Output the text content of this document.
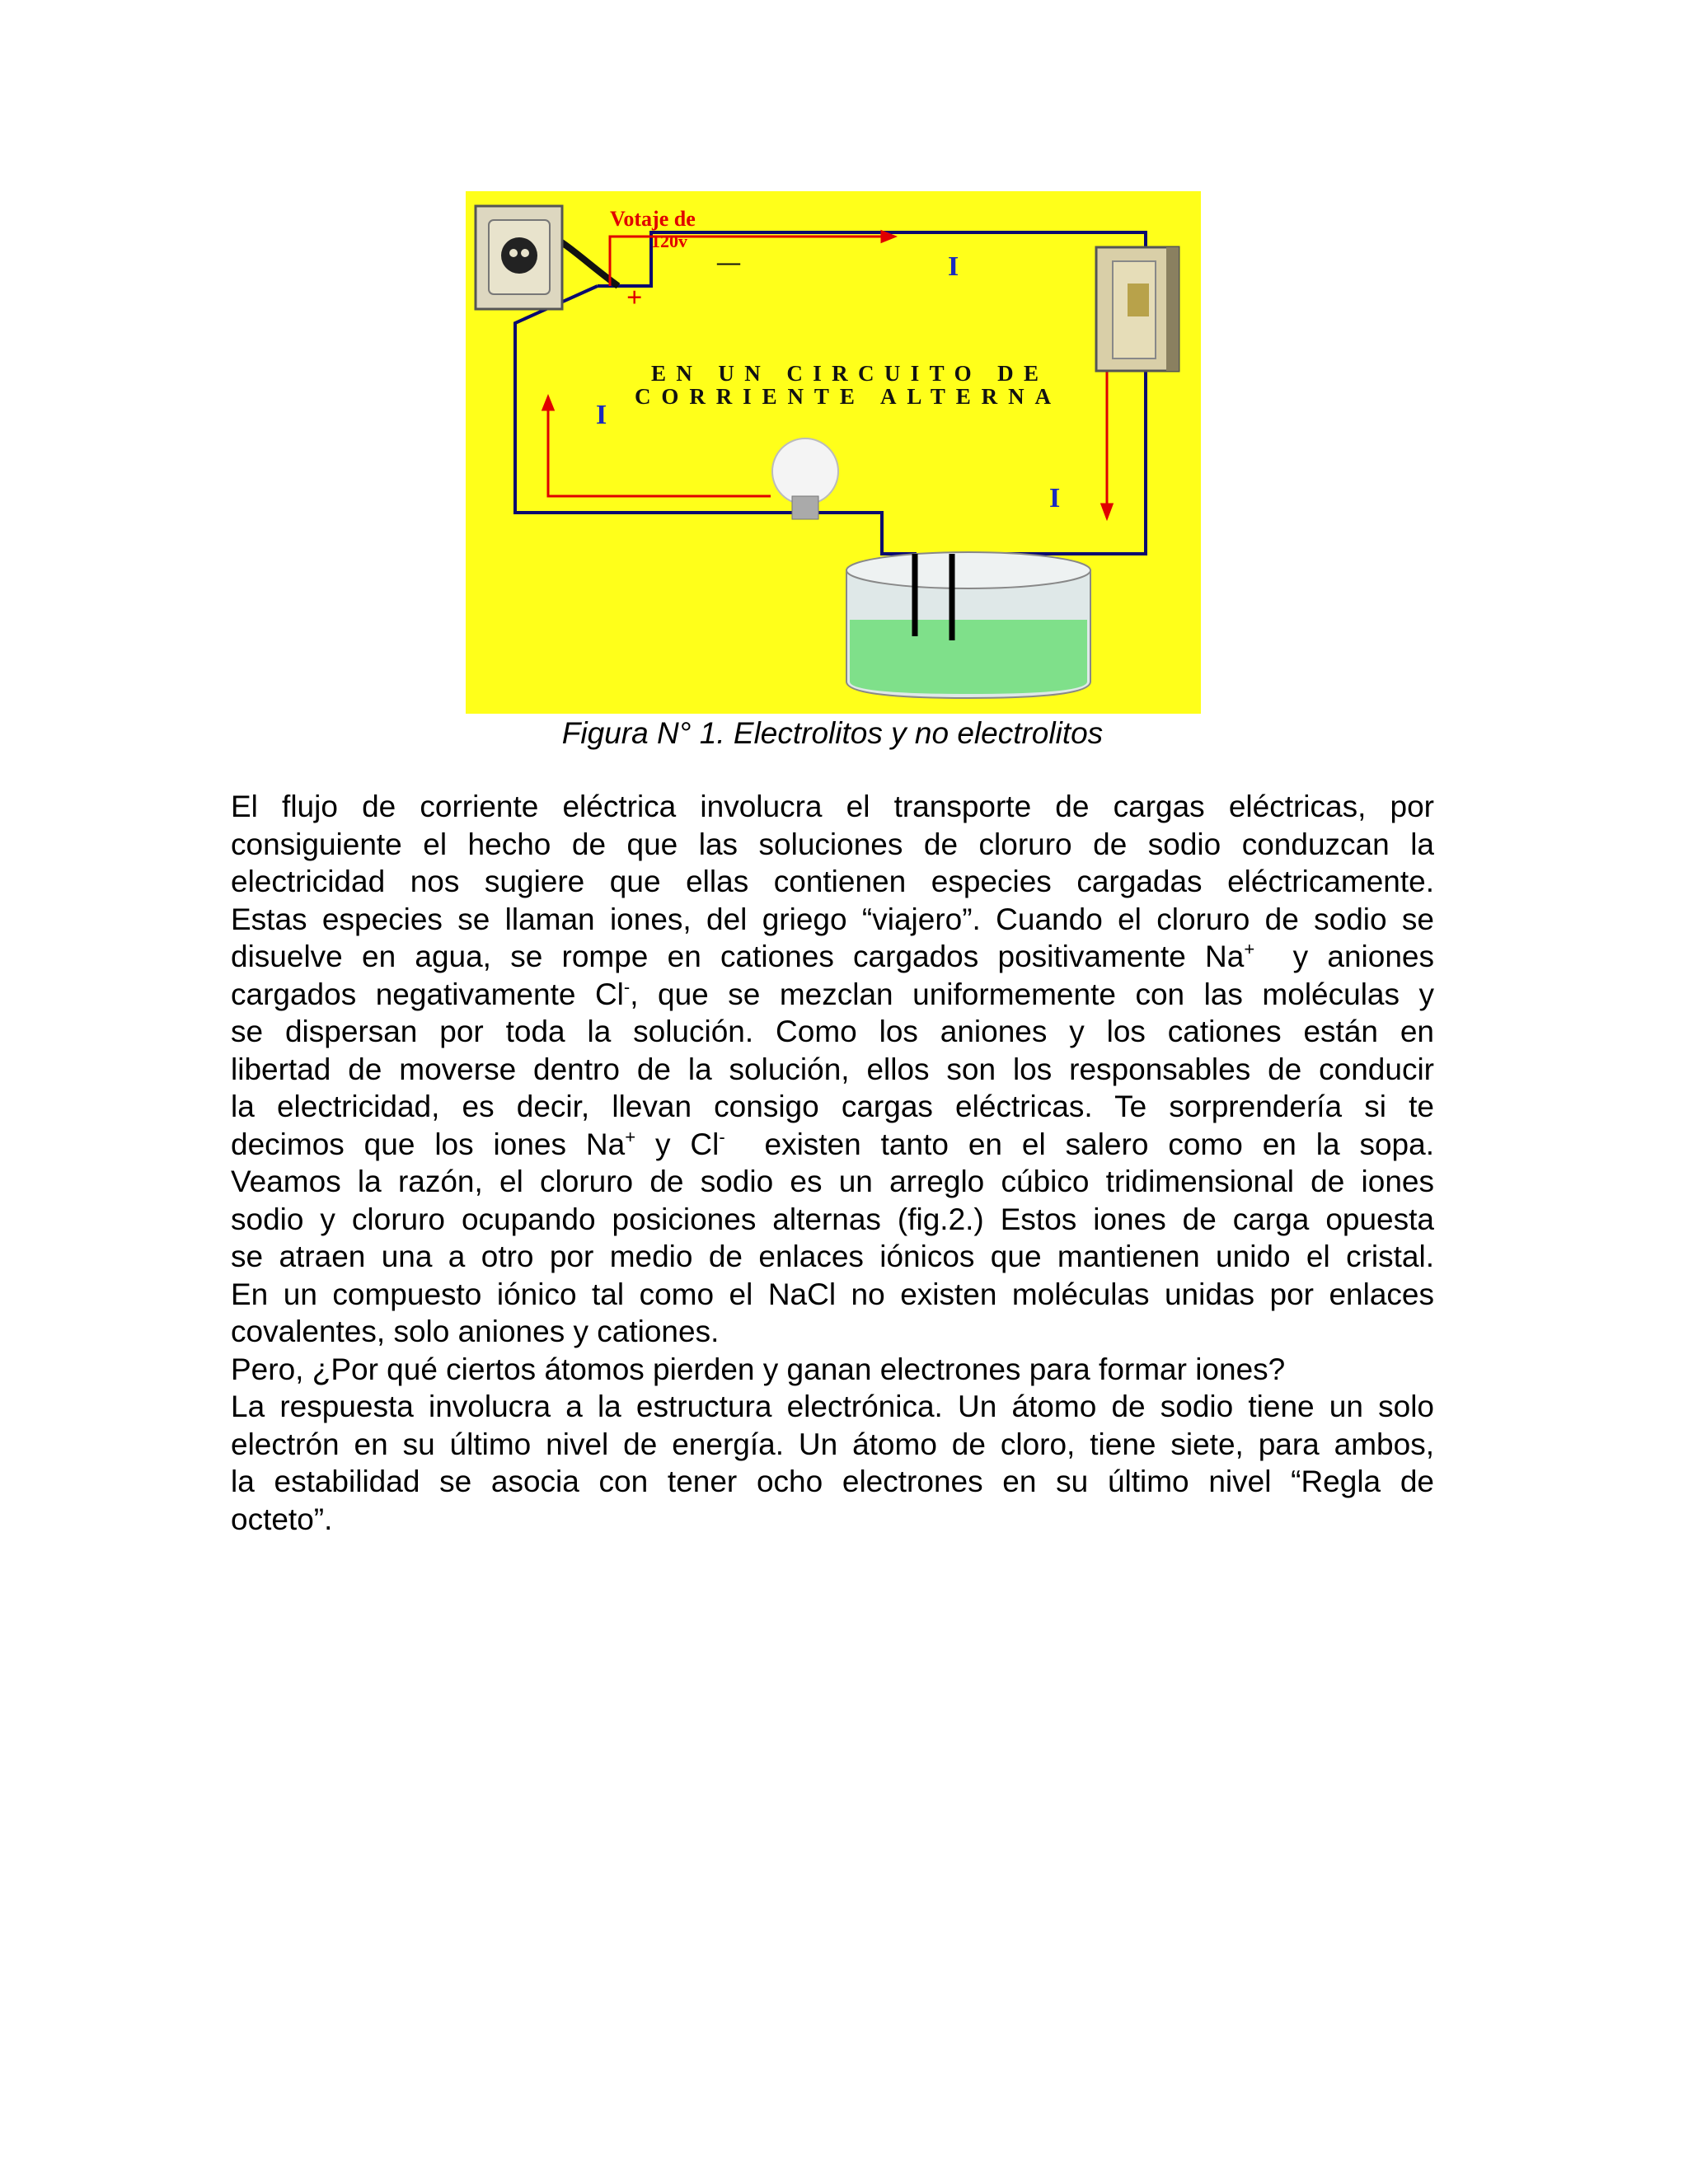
Votaje de
120v
+
—
EN UN CIRCUITO DE
CORRIENTE ALTERNA
I
I
I
Figura N° 1. Electrolitos y no electrolitos

El flujo de corriente eléctrica involucra el transporte de cargas eléctricas, por

consiguiente el hecho de que las soluciones de cloruro de sodio conduzcan la

electricidad nos sugiere que ellas contienen especies cargadas eléctricamente.

Estas especies se llaman iones, del griego “viajero”. Cuando el cloruro de sodio se

disuelve en agua, se rompe en cationes cargados positivamente Na+  y aniones

cargados negativamente Cl-, que se mezclan uniformemente con las moléculas y

se dispersan por toda la solución. Como los aniones y los cationes están en

libertad de moverse dentro de la solución, ellos son los responsables de conducir

la electricidad, es decir, llevan consigo cargas eléctricas. Te sorprendería si te

decimos que los iones Na+ y Cl-  existen tanto en el salero como en la sopa.

Veamos la razón, el cloruro de sodio es un arreglo cúbico tridimensional de iones

sodio y cloruro ocupando posiciones alternas (fig.2.) Estos iones de carga opuesta

se atraen una a otro por medio de enlaces iónicos que mantienen unido el cristal.

En un compuesto iónico tal como el NaCl no existen moléculas unidas por enlaces

covalentes, solo aniones y cationes.

Pero, ¿Por qué ciertos átomos pierden y ganan electrones para formar iones?

La respuesta involucra a la estructura electrónica. Un átomo de sodio tiene un solo

electrón en su último nivel de energía. Un átomo de cloro, tiene siete, para ambos,

la estabilidad se asocia con tener ocho electrones en su último nivel “Regla de

octeto”.
